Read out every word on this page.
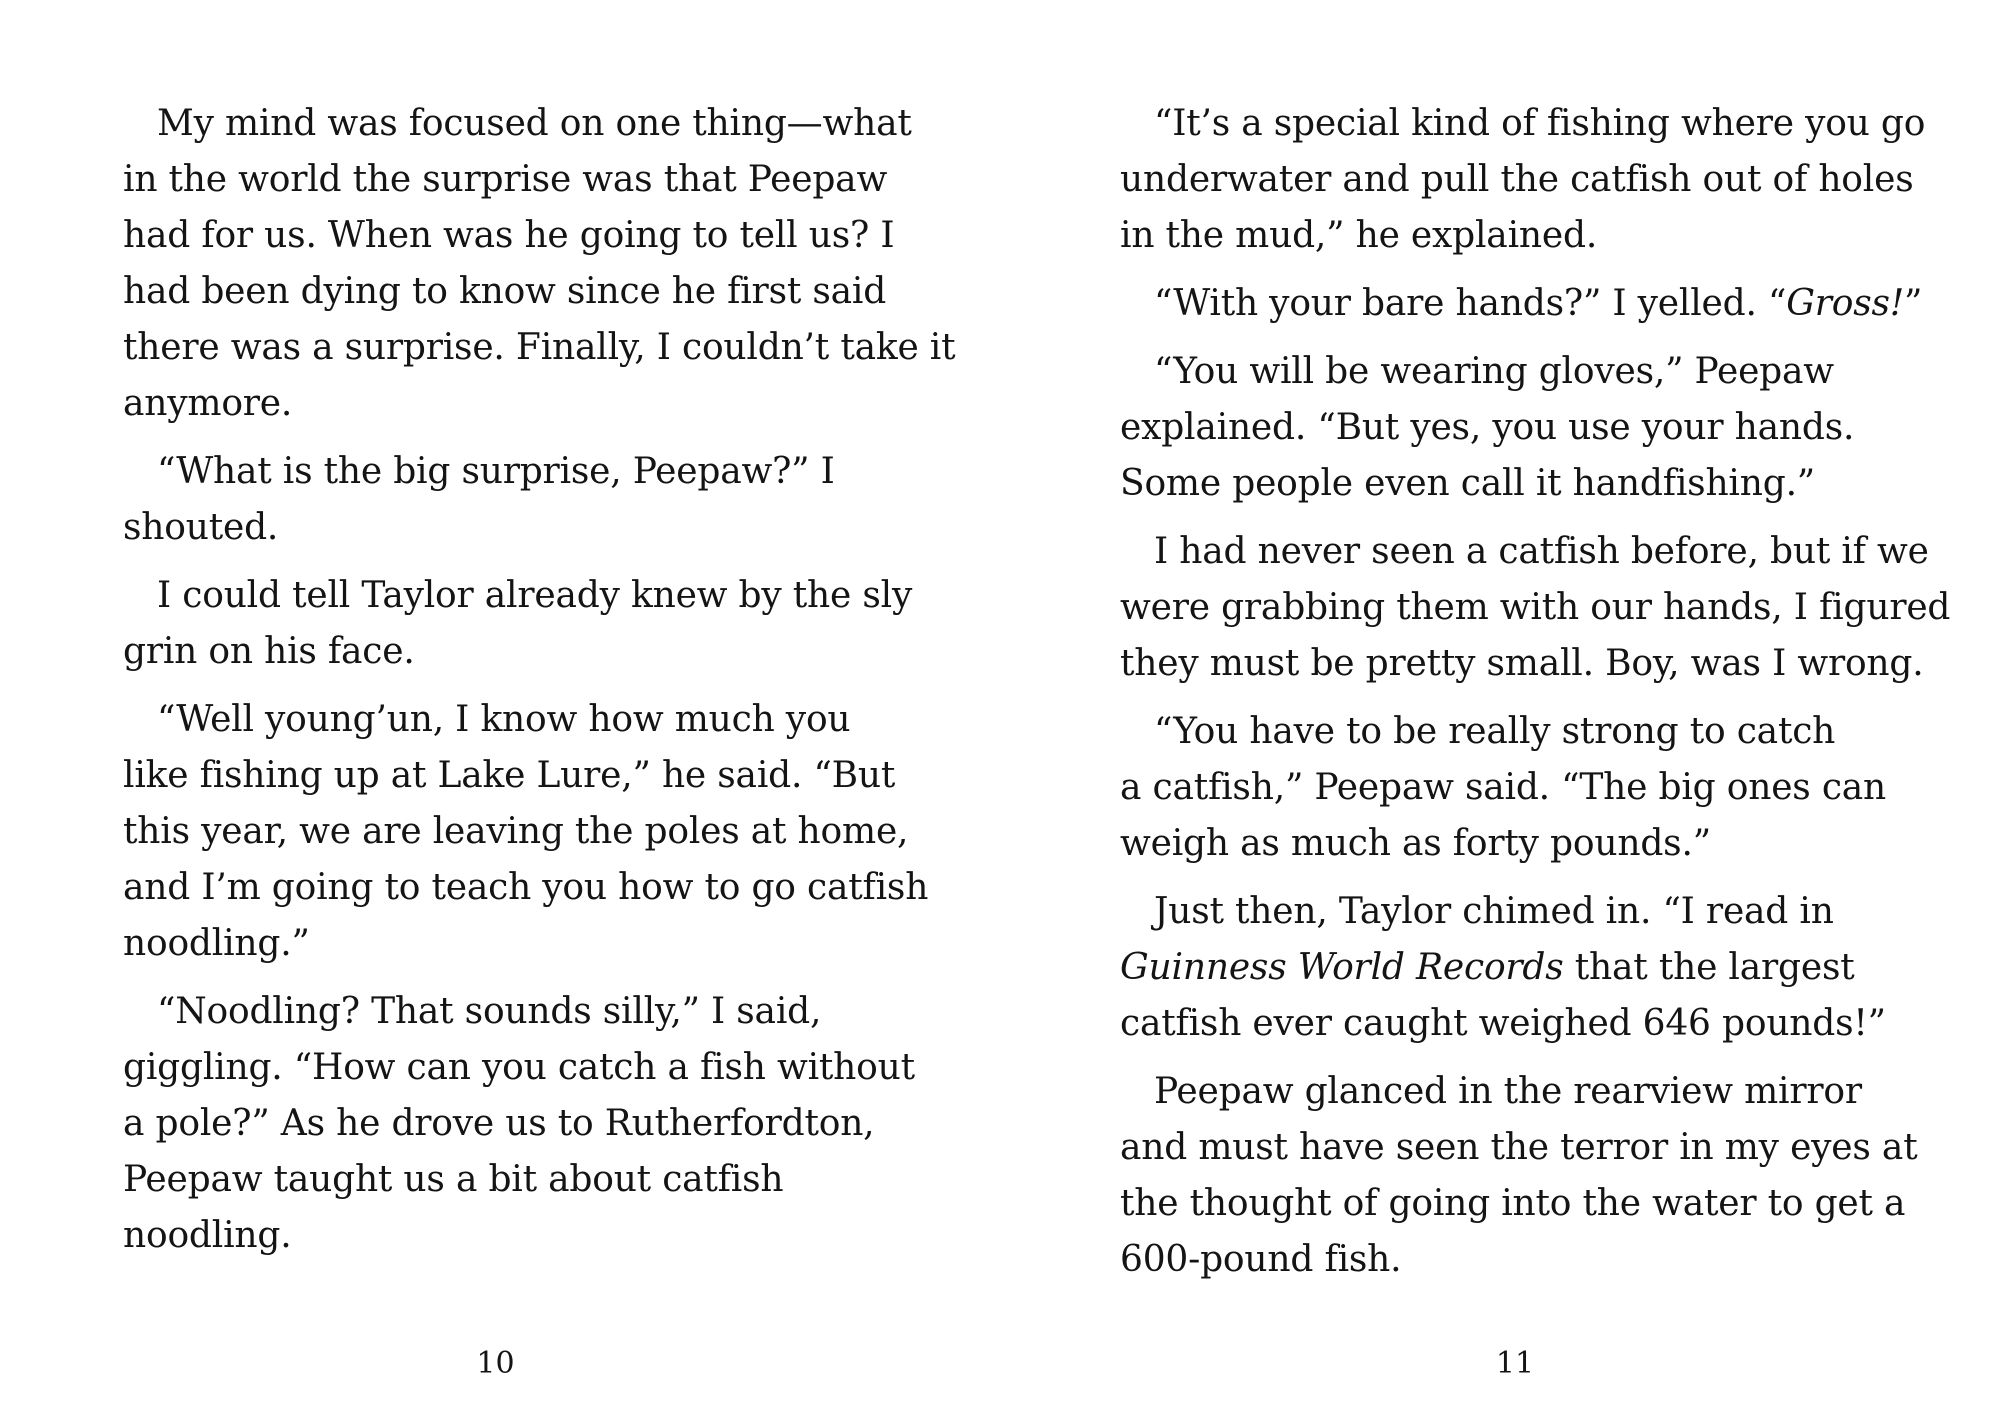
My mind was focused on one thing—what
in the world the surprise was that Peepaw
had for us. When was he going to tell us? I
had been dying to know since he first said
there was a surprise. Finally, I couldn’t take it
anymore.
“What is the big surprise, Peepaw?” I
shouted.
I could tell Taylor already knew by the sly
grin on his face.
“Well young’un, I know how much you
like fishing up at Lake Lure,” he said. “But
this year, we are leaving the poles at home,
and I’m going to teach you how to go catfish
noodling.”
“Noodling? That sounds silly,” I said,
giggling. “How can you catch a fish without
a pole?” As he drove us to Rutherfordton,
Peepaw taught us a bit about catfish
noodling.
“It’s a special kind of fishing where you go
underwater and pull the catfish out of holes
in the mud,” he explained.
“With your bare hands?” I yelled. “Gross!”
“You will be wearing gloves,” Peepaw
explained. “But yes, you use your hands.
Some people even call it handfishing.”
I had never seen a catfish before, but if we
were grabbing them with our hands, I figured
they must be pretty small. Boy, was I wrong.
“You have to be really strong to catch
a catfish,” Peepaw said. “The big ones can
weigh as much as forty pounds.”
Just then, Taylor chimed in. “I read in
Guinness World Records that the largest
catfish ever caught weighed 646 pounds!”
Peepaw glanced in the rearview mirror
and must have seen the terror in my eyes at
the thought of going into the water to get a
600-pound fish.
10	11
